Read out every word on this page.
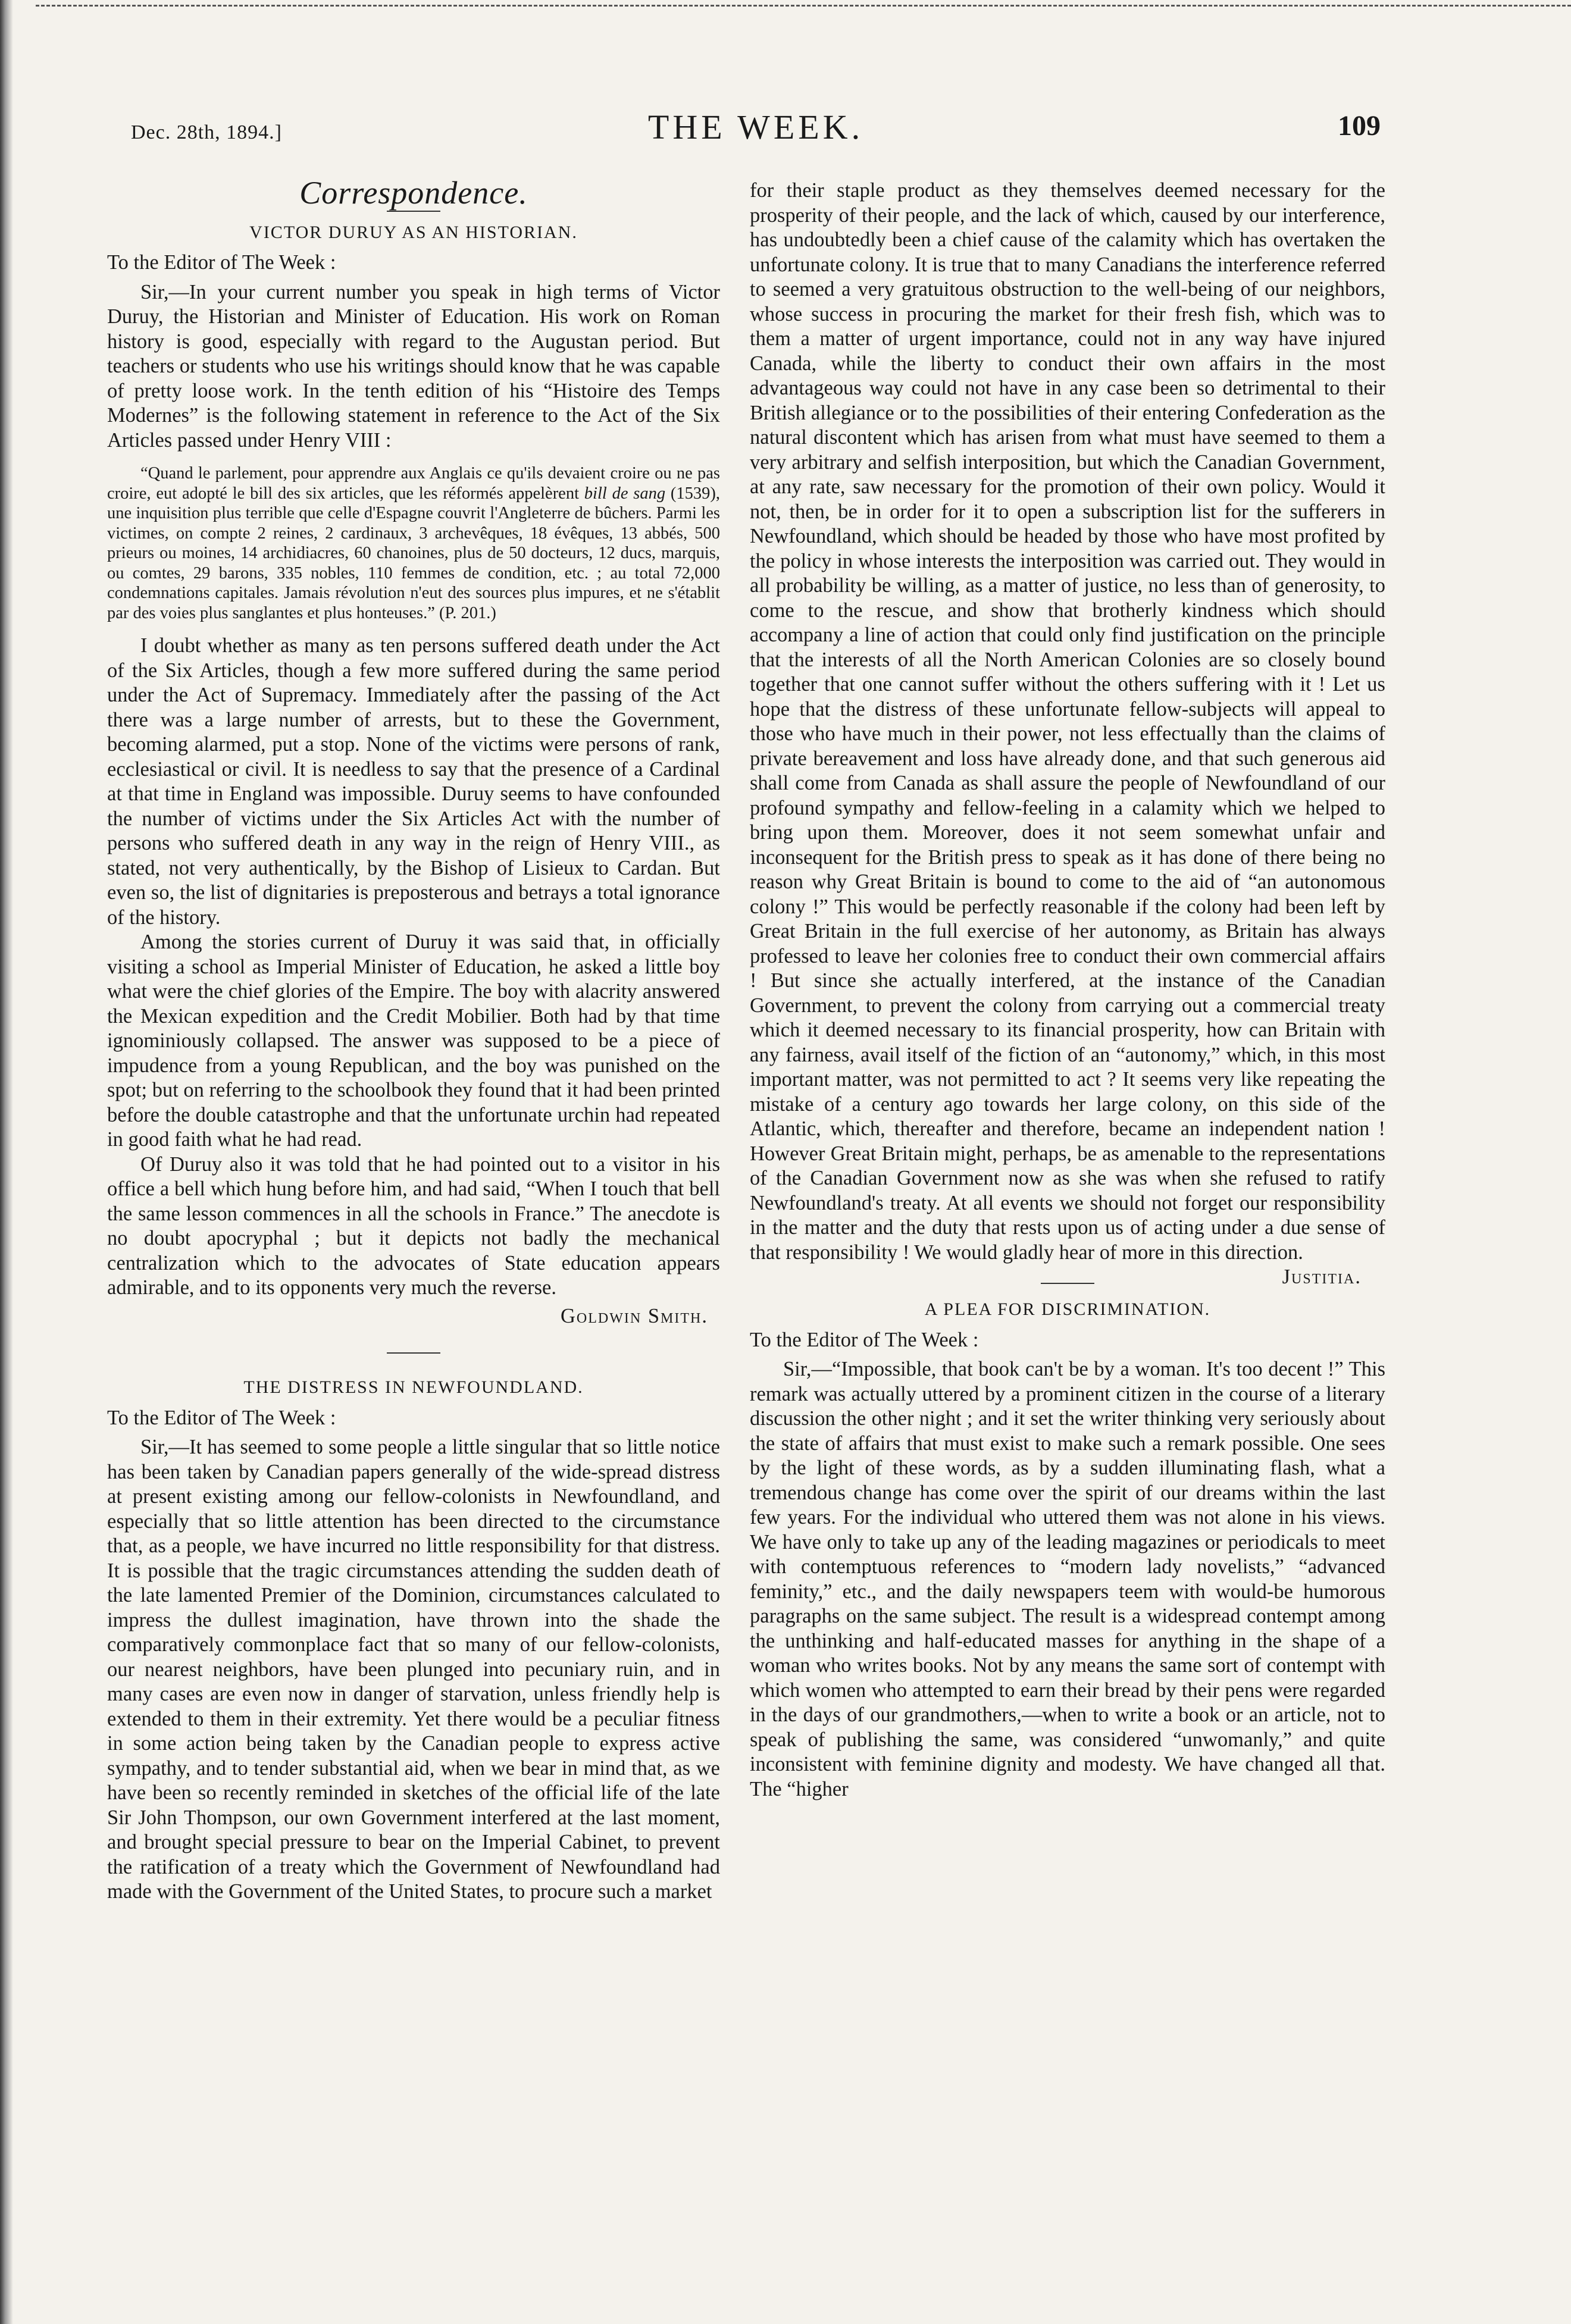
Dec. 28th, 1894.]	THE WEEK.	109
Correspondence.
VICTOR DURUY AS AN HISTORIAN.
To the Editor of The Week :

Sir,—In your current number you speak in high terms of Victor Duruy, the Historian and Minister of Education. His work on Roman history is good, especially with regard to the Augustan period. But teachers or students who use his writings should know that he was capable of pretty loose work. In the tenth edition of his “Histoire des Temps Modernes” is the following statement in reference to the Act of the Six Articles passed under Henry VIII :

“Quand le parlement, pour apprendre aux Anglais ce qu'ils devaient croire ou ne pas croire, eut adopté le bill des six articles, que les réformés appelèrent bill de sang (1539), une inquisition plus terrible que celle d'Espagne couvrit l'Angleterre de bûchers. Parmi les victimes, on compte 2 reines, 2 cardinaux, 3 archevêques, 18 évêques, 13 abbés, 500 prieurs ou moines, 14 archidiacres, 60 chanoines, plus de 50 docteurs, 12 ducs, marquis, ou comtes, 29 barons, 335 nobles, 110 femmes de condition, etc. ; au total 72,000 condemnations capitales. Jamais révolution n'eut des sources plus impures, et ne s'établit par des voies plus sanglantes et plus honteuses.” (P. 201.)

I doubt whether as many as ten persons suffered death under the Act of the Six Articles, though a few more suffered during the same period under the Act of Supremacy. Immediately after the passing of the Act there was a large number of arrests, but to these the Government, becoming alarmed, put a stop. None of the victims were persons of rank, ecclesiastical or civil. It is needless to say that the presence of a Cardinal at that time in England was impossible. Duruy seems to have confounded the number of victims under the Six Articles Act with the number of persons who suffered death in any way in the reign of Henry VIII., as stated, not very authentically, by the Bishop of Lisieux to Cardan. But even so, the list of dignitaries is preposterous and betrays a total ignorance of the history.

Among the stories current of Duruy it was said that, in officially visiting a school as Imperial Minister of Education, he asked a little boy what were the chief glories of the Empire. The boy with alacrity answered the Mexican expedition and the Credit Mobilier. Both had by that time ignominiously collapsed. The answer was supposed to be a piece of impudence from a young Republican, and the boy was punished on the spot; but on referring to the schoolbook they found that it had been printed before the double catastrophe and that the unfortunate urchin had repeated in good faith what he had read.

Of Duruy also it was told that he had pointed out to a visitor in his office a bell which hung before him, and had said, “When I touch that bell the same lesson commences in all the schools in France.” The anecdote is no doubt apocryphal ; but it depicts not badly the mechanical centralization which to the advocates of State education appears admirable, and to its opponents very much the reverse.

Goldwin Smith.
THE DISTRESS IN NEWFOUNDLAND.
To the Editor of The Week :

Sir,—It has seemed to some people a little singular that so little notice has been taken by Canadian papers generally of the wide-spread distress at present existing among our fellow-colonists in Newfoundland, and especially that so little attention has been directed to the circumstance that, as a people, we have incurred no little responsibility for that distress. It is possible that the tragic circumstances attending the sudden death of the late lamented Premier of the Dominion, circumstances calculated to impress the dullest imagination, have thrown into the shade the comparatively commonplace fact that so many of our fellow-colonists, our nearest neighbors, have been plunged into pecuniary ruin, and in many cases are even now in danger of starvation, unless friendly help is extended to them in their extremity. Yet there would be a peculiar fitness in some action being taken by the Canadian people to express active sympathy, and to tender substantial aid, when we bear in mind that, as we have been so recently reminded in sketches of the official life of the late Sir John Thompson, our own Government interfered at the last moment, and brought special pressure to bear on the Imperial Cabinet, to prevent the ratification of a treaty which the Government of Newfoundland had made with the Government of the United States, to procure such a market

for their staple product as they themselves deemed necessary for the prosperity of their people, and the lack of which, caused by our interference, has undoubtedly been a chief cause of the calamity which has overtaken the unfortunate colony. It is true that to many Canadians the interference referred to seemed a very gratuitous obstruction to the well-being of our neighbors, whose success in procuring the market for their fresh fish, which was to them a matter of urgent importance, could not in any way have injured Canada, while the liberty to conduct their own affairs in the most advantageous way could not have in any case been so detrimental to their British allegiance or to the possibilities of their entering Confederation as the natural discontent which has arisen from what must have seemed to them a very arbitrary and selfish interposition, but which the Canadian Government, at any rate, saw necessary for the promotion of their own policy. Would it not, then, be in order for it to open a subscription list for the sufferers in Newfoundland, which should be headed by those who have most profited by the policy in whose interests the interposition was carried out. They would in all probability be willing, as a matter of justice, no less than of generosity, to come to the rescue, and show that brotherly kindness which should accompany a line of action that could only find justification on the principle that the interests of all the North American Colonies are so closely bound together that one cannot suffer without the others suffering with it ! Let us hope that the distress of these unfortunate fellow-subjects will appeal to those who have much in their power, not less effectually than the claims of private bereavement and loss have already done, and that such generous aid shall come from Canada as shall assure the people of Newfoundland of our profound sympathy and fellow-feeling in a calamity which we helped to bring upon them. Moreover, does it not seem somewhat unfair and inconsequent for the British press to speak as it has done of there being no reason why Great Britain is bound to come to the aid of “an autonomous colony !” This would be perfectly reasonable if the colony had been left by Great Britain in the full exercise of her autonomy, as Britain has always professed to leave her colonies free to conduct their own commercial affairs ! But since she actually interfered, at the instance of the Canadian Government, to prevent the colony from carrying out a commercial treaty which it deemed necessary to its financial prosperity, how can Britain with any fairness, avail itself of the fiction of an “autonomy,” which, in this most important matter, was not permitted to act ? It seems very like repeating the mistake of a century ago towards her large colony, on this side of the Atlantic, which, thereafter and therefore, became an independent nation ! However Great Britain might, perhaps, be as amenable to the representations of the Canadian Government now as she was when she refused to ratify Newfoundland's treaty. At all events we should not forget our responsibility in the matter and the duty that rests upon us of acting under a due sense of that responsibility ! We would gladly hear of more in this direction.
Justitia.

A PLEA FOR DISCRIMINATION.
To the Editor of The Week :

Sir,—“Impossible, that book can't be by a woman. It's too decent !” This remark was actually uttered by a prominent citizen in the course of a literary discussion the other night ; and it set the writer thinking very seriously about the state of affairs that must exist to make such a remark possible. One sees by the light of these words, as by a sudden illuminating flash, what a tremendous change has come over the spirit of our dreams within the last few years. For the individual who uttered them was not alone in his views. We have only to take up any of the leading magazines or periodicals to meet with contemptuous references to “modern lady novelists,” “advanced feminity,” etc., and the daily newspapers teem with would-be humorous paragraphs on the same subject. The result is a widespread contempt among the unthinking and half-educated masses for anything in the shape of a woman who writes books. Not by any means the same sort of contempt with which women who attempted to earn their bread by their pens were regarded in the days of our grandmothers,—when to write a book or an article, not to speak of publishing the same, was considered “unwomanly,” and quite inconsistent with feminine dignity and modesty. We have changed all that. The “higher
